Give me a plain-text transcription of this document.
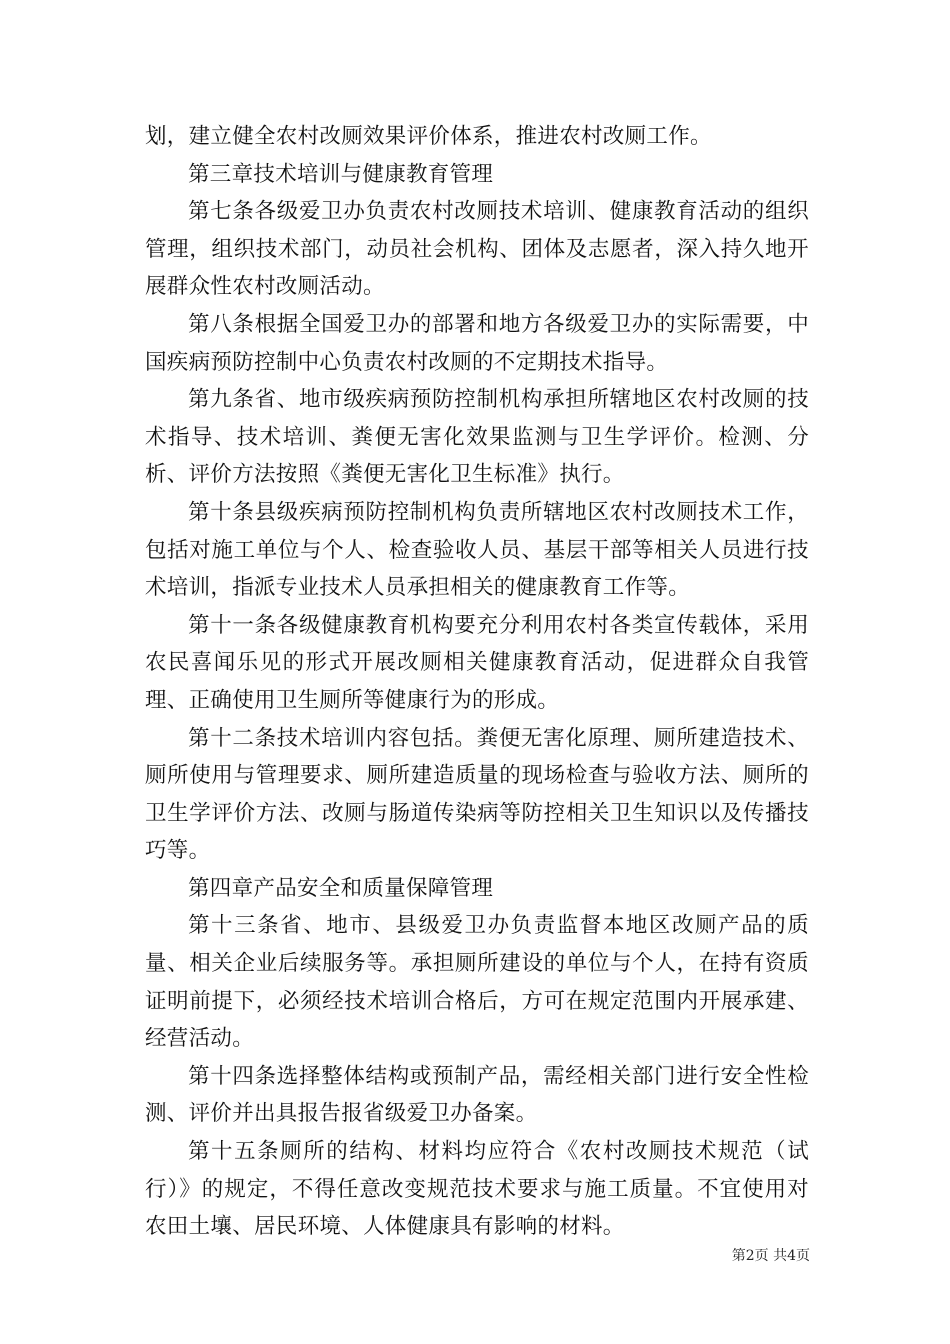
划，建立健全农村改厕效果评价体系，推进农村改厕工作。

第三章技术培训与健康教育管理

第七条各级爱卫办负责农村改厕技术培训、健康教育活动的组织管理，组织技术部门，动员社会机构、团体及志愿者，深入持久地开展群众性农村改厕活动。

第八条根据全国爱卫办的部署和地方各级爱卫办的实际需要，中国疾病预防控制中心负责农村改厕的不定期技术指导。

第九条省、地市级疾病预防控制机构承担所辖地区农村改厕的技术指导、技术培训、粪便无害化效果监测与卫生学评价。检测、分析、评价方法按照《粪便无害化卫生标准》执行。

第十条县级疾病预防控制机构负责所辖地区农村改厕技术工作，包括对施工单位与个人、检查验收人员、基层干部等相关人员进行技术培训，指派专业技术人员承担相关的健康教育工作等。

第十一条各级健康教育机构要充分利用农村各类宣传载体，采用农民喜闻乐见的形式开展改厕相关健康教育活动，促进群众自我管理、正确使用卫生厕所等健康行为的形成。

第十二条技术培训内容包括。粪便无害化原理、厕所建造技术、厕所使用与管理要求、厕所建造质量的现场检查与验收方法、厕所的卫生学评价方法、改厕与肠道传染病等防控相关卫生知识以及传播技巧等。

第四章产品安全和质量保障管理

第十三条省、地市、县级爱卫办负责监督本地区改厕产品的质量、相关企业后续服务等。承担厕所建设的单位与个人，在持有资质证明前提下，必须经技术培训合格后，方可在规定范围内开展承建、经营活动。

第十四条选择整体结构或预制产品，需经相关部门进行安全性检测、评价并出具报告报省级爱卫办备案。

第十五条厕所的结构、材料均应符合《农村改厕技术规范（试行）》的规定，不得任意改变规范技术要求与施工质量。不宜使用对农田土壤、居民环境、人体健康具有影响的材料。

第2页 共4页
